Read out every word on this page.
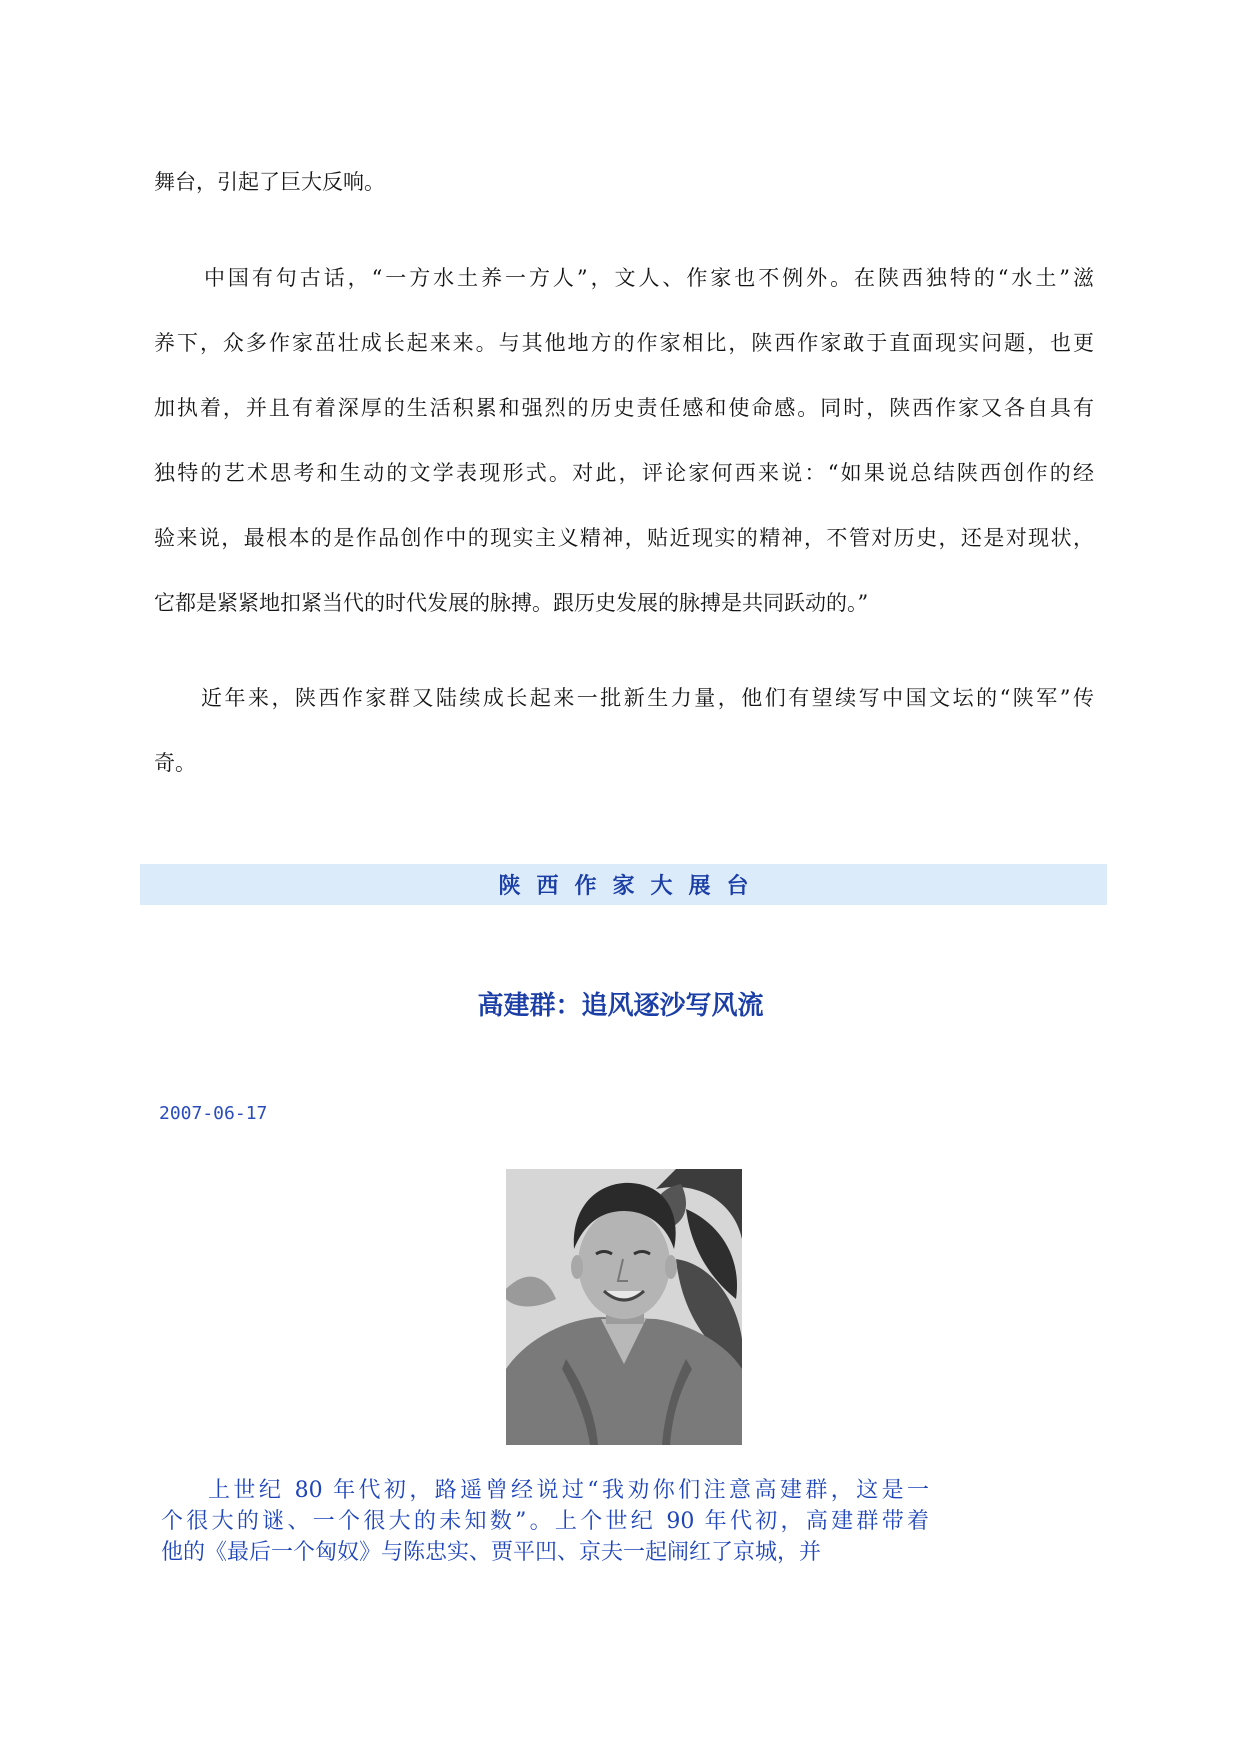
舞台，引起了巨大反响。
中国有句古话，“一方水土养一方人”，文人、作家也不例外。在陕西独特的“水土”滋
养下，众多作家茁壮成长起来来。与其他地方的作家相比，陕西作家敢于直面现实问题，也更
加执着，并且有着深厚的生活积累和强烈的历史责任感和使命感。同时，陕西作家又各自具有
独特的艺术思考和生动的文学表现形式。对此，评论家何西来说：“如果说总结陕西创作的经
验来说，最根本的是作品创作中的现实主义精神，贴近现实的精神，不管对历史，还是对现状，
它都是紧紧地扣紧当代的时代发展的脉搏。跟历史发展的脉搏是共同跃动的。”
近年来，陕西作家群又陆续成长起来一批新生力量，他们有望续写中国文坛的“陕军”传
奇。
陕西作家大展台
高建群：追风逐沙写风流
2007-06-17
上世纪 80 年代初，路遥曾经说过“我劝你们注意高建群，这是一
个很大的谜、一个很大的未知数”。上个世纪 90 年代初，高建群带着
他的《最后一个匈奴》与陈忠实、贾平凹、京夫一起闹红了京城，并
